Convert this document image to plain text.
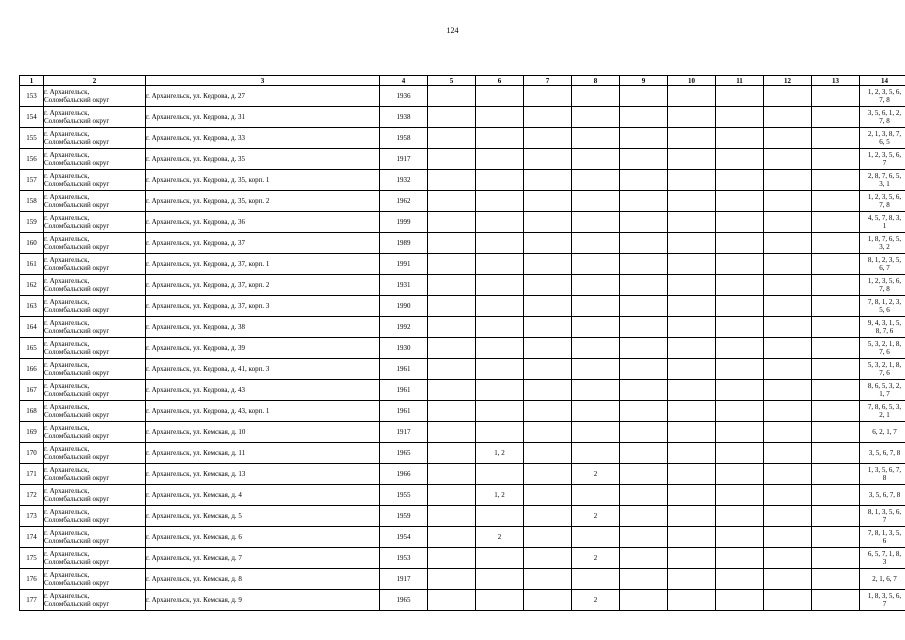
124
1	2	3	4	5	6	7	8	9	10	11	12	13	14
153	г. Архангельск,
Соломбальский округ	г. Архангельск, ул. Кедрова, д. 27	1936										1, 2, 3, 5, 6,
7, 8

154	г. Архангельск,
Соломбальский округ	г. Архангельск, ул. Кедрова, д. 31	1938										3, 5, 6, 1, 2,
7, 8

155	г. Архангельск,
Соломбальский округ	г. Архангельск, ул. Кедрова, д. 33	1958										2, 1, 3, 8, 7,
6, 5

156	г. Архангельск,
Соломбальский округ	г. Архангельск, ул. Кедрова, д. 35	1917										1, 2, 3, 5, 6,
7

157	г. Архангельск,
Соломбальский округ	г. Архангельск, ул. Кедрова, д. 35, корп. 1	1932										2, 8, 7, 6, 5,
3, 1

158	г. Архангельск,
Соломбальский округ	г. Архангельск, ул. Кедрова, д. 35, корп. 2	1962										1, 2, 3, 5, 6,
7, 8

159	г. Архангельск,
Соломбальский округ	г. Архангельск, ул. Кедрова, д. 36	1999										4, 5, 7, 8, 3,
1

160	г. Архангельск,
Соломбальский округ	г. Архангельск, ул. Кедрова, д. 37	1989										1, 8, 7, 6, 5,
3, 2

161	г. Архангельск,
Соломбальский округ	г. Архангельск, ул. Кедрова, д. 37, корп. 1	1991										8, 1, 2, 3, 5,
6, 7

162	г. Архангельск,
Соломбальский округ	г. Архангельск, ул. Кедрова, д. 37, корп. 2	1931										1, 2, 3, 5, 6,
7, 8

163	г. Архангельск,
Соломбальский округ	г. Архангельск, ул. Кедрова, д. 37, корп. 3	1990										7, 8, 1, 2, 3,
5, 6

164	г. Архангельск,
Соломбальский округ	г. Архангельск, ул. Кедрова, д. 38	1992										9, 4, 3, 1, 5,
8, 7, 6

165	г. Архангельск,
Соломбальский округ	г. Архангельск, ул. Кедрова, д. 39	1930										5, 3, 2, 1, 8,
7, 6

166	г. Архангельск,
Соломбальский округ	г. Архангельск, ул. Кедрова, д. 41, корп. 3	1961										5, 3, 2, 1, 8,
7, 6

167	г. Архангельск,
Соломбальский округ	г. Архангельск, ул. Кедрова, д. 43	1961										8, 6, 5, 3, 2,
1, 7

168	г. Архангельск,
Соломбальский округ	г. Архангельск, ул. Кедрова, д. 43, корп. 1	1961										7, 8, 6, 5, 3,
2, 1

169	г. Архангельск,
Соломбальский округ	г. Архангельск, ул. Кемская, д. 10	1917										6, 2, 1, 7

170	г. Архангельск,
Соломбальский округ	г. Архангельск, ул. Кемская, д. 11	1965		1, 2								3, 5, 6, 7, 8

171	г. Архангельск,
Соломбальский округ	г. Архангельск, ул. Кемская, д. 13	1966				2						1, 3, 5, 6, 7,
8

172	г. Архангельск,
Соломбальский округ	г. Архангельск, ул. Кемская, д. 4	1955		1, 2								3, 5, 6, 7, 8

173	г. Архангельск,
Соломбальский округ	г. Архангельск, ул. Кемская, д. 5	1959				2						8, 1, 3, 5, 6,
7

174	г. Архангельск,
Соломбальский округ	г. Архангельск, ул. Кемская, д. 6	1954		2								7, 8, 1, 3, 5,
6

175	г. Архангельск,
Соломбальский округ	г. Архангельск, ул. Кемская, д. 7	1953				2						6, 5, 7, 1, 8,
3

176	г. Архангельск,
Соломбальский округ	г. Архангельск, ул. Кемская, д. 8	1917										2, 1, 6, 7

177	г. Архангельск,
Соломбальский округ	г. Архангельск, ул. Кемская, д. 9	1965				2						1, 8, 3, 5, 6,
7
